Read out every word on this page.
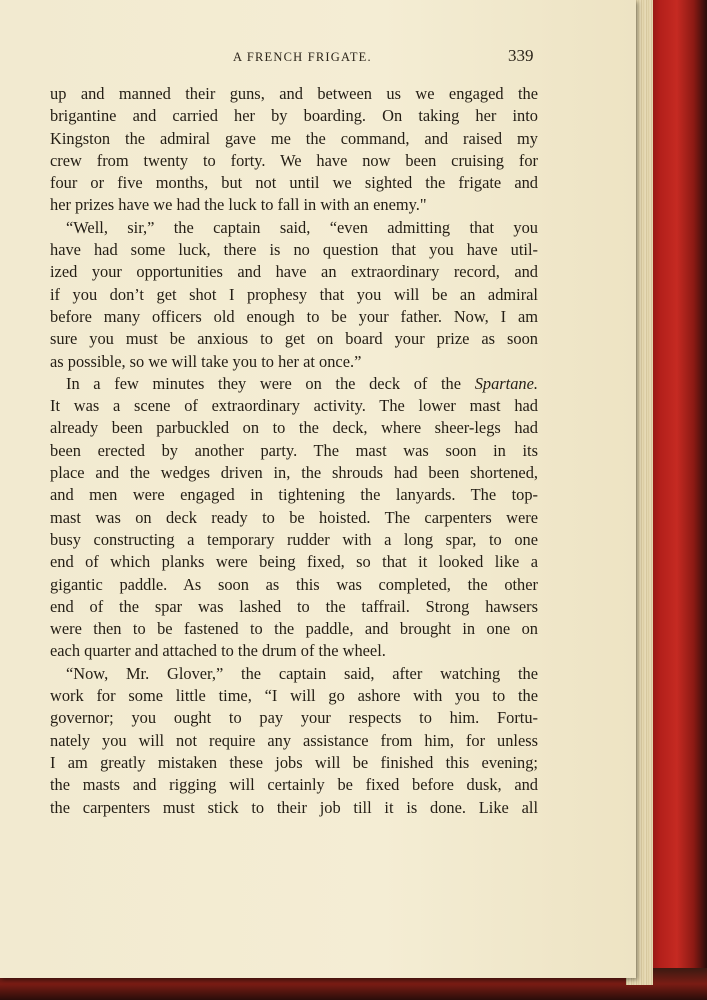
A FRENCH FRIGATE.	339
up and manned their guns, and between us we engaged the
brigantine and carried her by boarding. On taking her into
Kingston the admiral gave me the command, and raised my
crew from twenty to forty. We have now been cruising for
four or five months, but not until we sighted the frigate and
her prizes have we had the luck to fall in with an enemy."
“Well, sir,” the captain said, “even admitting that you
have had some luck, there is no question that you have util-
ized your opportunities and have an extraordinary record, and
if you don’t get shot I prophesy that you will be an admiral
before many officers old enough to be your father. Now, I am
sure you must be anxious to get on board your prize as soon
as possible, so we will take you to her at once.”
In a few minutes they were on the deck of the Spartane.
It was a scene of extraordinary activity. The lower mast had
already been parbuckled on to the deck, where sheer-legs had
been erected by another party. The mast was soon in its
place and the wedges driven in, the shrouds had been shortened,
and men were engaged in tightening the lanyards. The top-
mast was on deck ready to be hoisted. The carpenters were
busy constructing a temporary rudder with a long spar, to one
end of which planks were being fixed, so that it looked like a
gigantic paddle. As soon as this was completed, the other
end of the spar was lashed to the taffrail. Strong hawsers
were then to be fastened to the paddle, and brought in one on
each quarter and attached to the drum of the wheel.
“Now, Mr. Glover,” the captain said, after watching the
work for some little time, “I will go ashore with you to the
governor; you ought to pay your respects to him. Fortu-
nately you will not require any assistance from him, for unless
I am greatly mistaken these jobs will be finished this evening;
the masts and rigging will certainly be fixed before dusk, and
the carpenters must stick to their job till it is done. Like all
